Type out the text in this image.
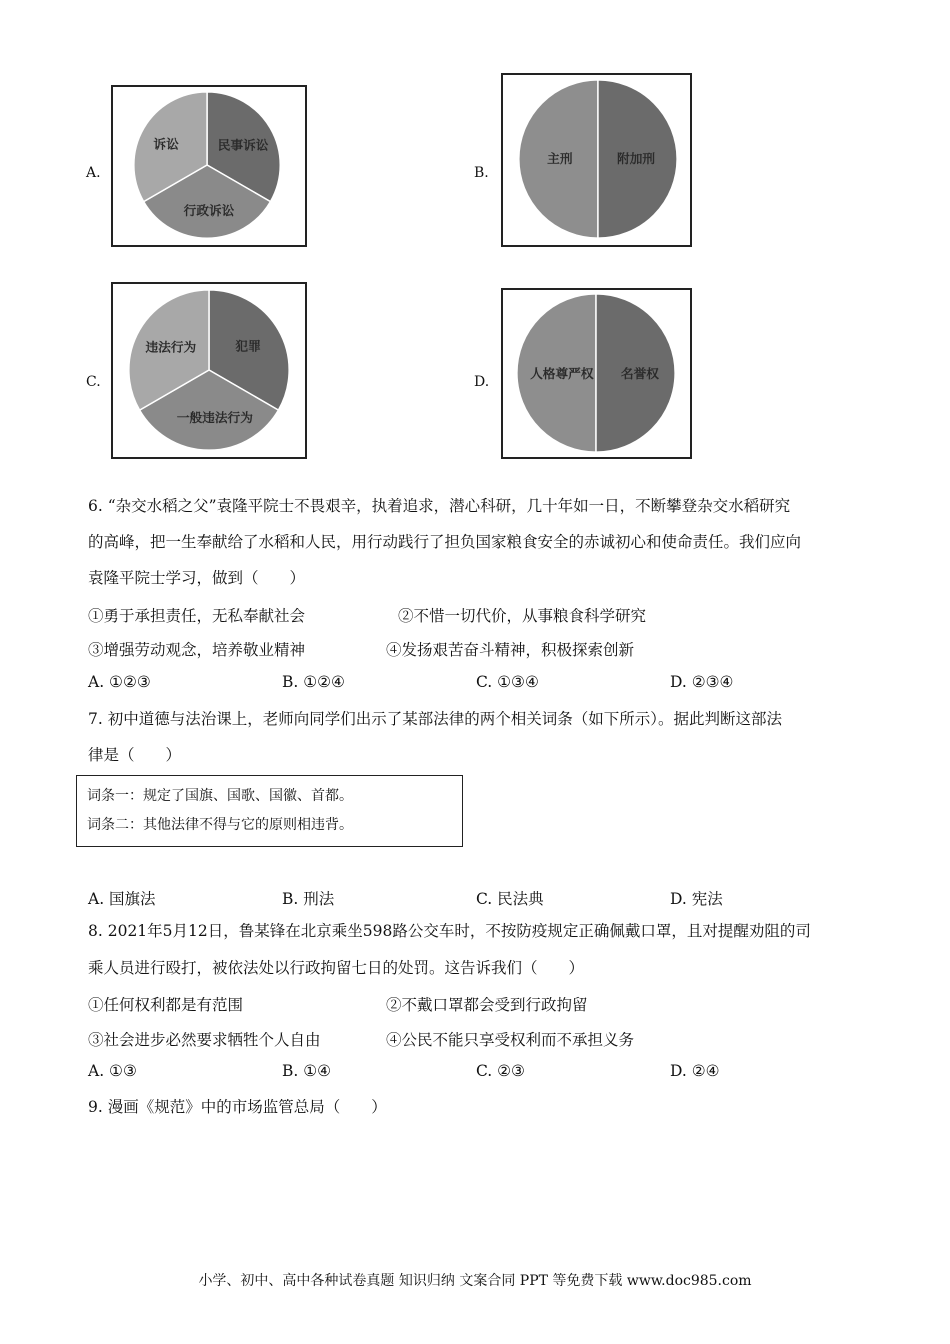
A.	B.
C.	D.
诉讼	民事诉讼
行政诉讼
主刑	附加刑
违法行为	犯罪
一般违法行为
人格尊严权 名誉权
6. “杂交水稻之父”袁隆平院士不畏艰辛，执着追求，潜心科研，几十年如一日，不断攀登杂交水稻研究
的高峰，把一生奉献给了水稻和人民，用行动践行了担负国家粮食安全的赤诚初心和使命责任。我们应向
袁隆平院士学习，做到（　　）
①勇于承担责任，无私奉献社会	②不惜一切代价，从事粮食科学研究
③增强劳动观念，培养敬业精神	④发扬艰苦奋斗精神，积极探索创新
A. ①②③	B. ①②④	C. ①③④	D. ②③④
7. 初中道德与法治课上，老师向同学们出示了某部法律的两个相关词条（如下所示）。据此判断这部法
律是（　　）
词条一：规定了国旗、国歌、国徽、首都。
词条二：其他法律不得与它的原则相违背。
A. 国旗法	B. 刑法	C. 民法典	D. 宪法
8. 2021年5月12日，鲁某锋在北京乘坐598路公交车时，不按防疫规定正确佩戴口罩，且对提醒劝阻的司
乘人员进行殴打，被依法处以行政拘留七日的处罚。这告诉我们（　　）
①任何权利都是有范围	②不戴口罩都会受到行政拘留
③社会进步必然要求牺牲个人自由	④公民不能只享受权利而不承担义务
A. ①③	B. ①④	C. ②③	D. ②④
9. 漫画《规范》中的市场监管总局（　　）
小学、初中、高中各种试卷真题 知识归纳 文案合同 PPT 等免费下载 www.doc985.com
